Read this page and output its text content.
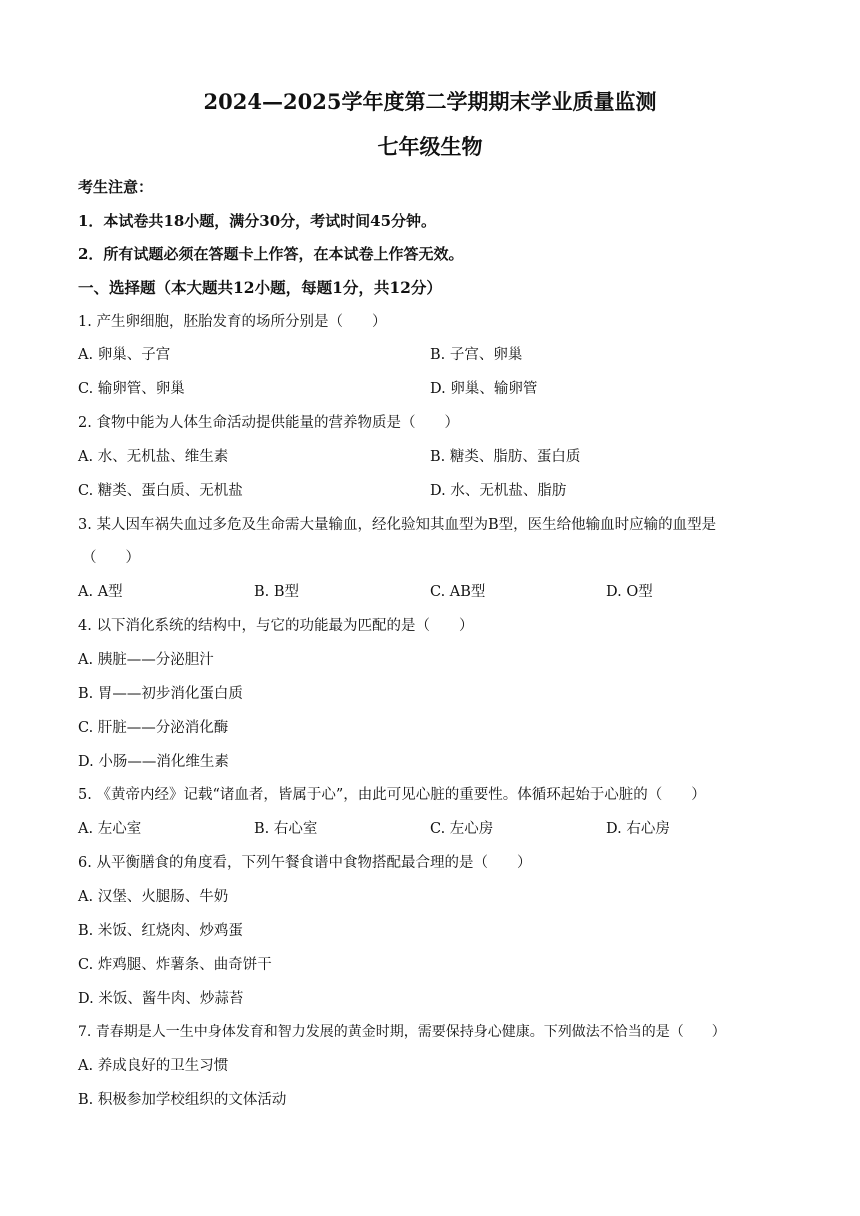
2024—2025学年度第二学期期末学业质量监测
七年级生物
考生注意：
1．本试卷共18小题，满分30分，考试时间45分钟。
2．所有试题必须在答题卡上作答，在本试卷上作答无效。
一、选择题（本大题共12小题，每题1分，共12分）
1. 产生卵细胞，胚胎发育的场所分别是（　　）
A. 卵巢、子宫	B. 子宫、卵巢
C. 输卵管、卵巢	D. 卵巢、输卵管
2. 食物中能为人体生命活动提供能量的营养物质是（　　）
A. 水、无机盐、维生素	B. 糖类、脂肪、蛋白质
C. 糖类、蛋白质、无机盐	D. 水、无机盐、脂肪
3. 某人因车祸失血过多危及生命需大量输血，经化验知其血型为B型，医生给他输血时应输的血型是
（　　）
A. A型	B. B型	C. AB型	D. O型
4. 以下消化系统的结构中，与它的功能最为匹配的是（　　）
A. 胰脏——分泌胆汁
B. 胃——初步消化蛋白质
C. 肝脏——分泌消化酶
D. 小肠——消化维生素
5. 《黄帝内经》记载“诸血者，皆属于心”，由此可见心脏的重要性。体循环起始于心脏的（　　）
A. 左心室	B. 右心室	C. 左心房	D. 右心房
6. 从平衡膳食的角度看，下列午餐食谱中食物搭配最合理的是（　　）
A. 汉堡、火腿肠、牛奶
B. 米饭、红烧肉、炒鸡蛋
C. 炸鸡腿、炸薯条、曲奇饼干
D. 米饭、酱牛肉、炒蒜苔
7. 青春期是人一生中身体发育和智力发展的黄金时期，需要保持身心健康。下列做法不恰当的是（　　）
A. 养成良好的卫生习惯
B. 积极参加学校组织的文体活动
